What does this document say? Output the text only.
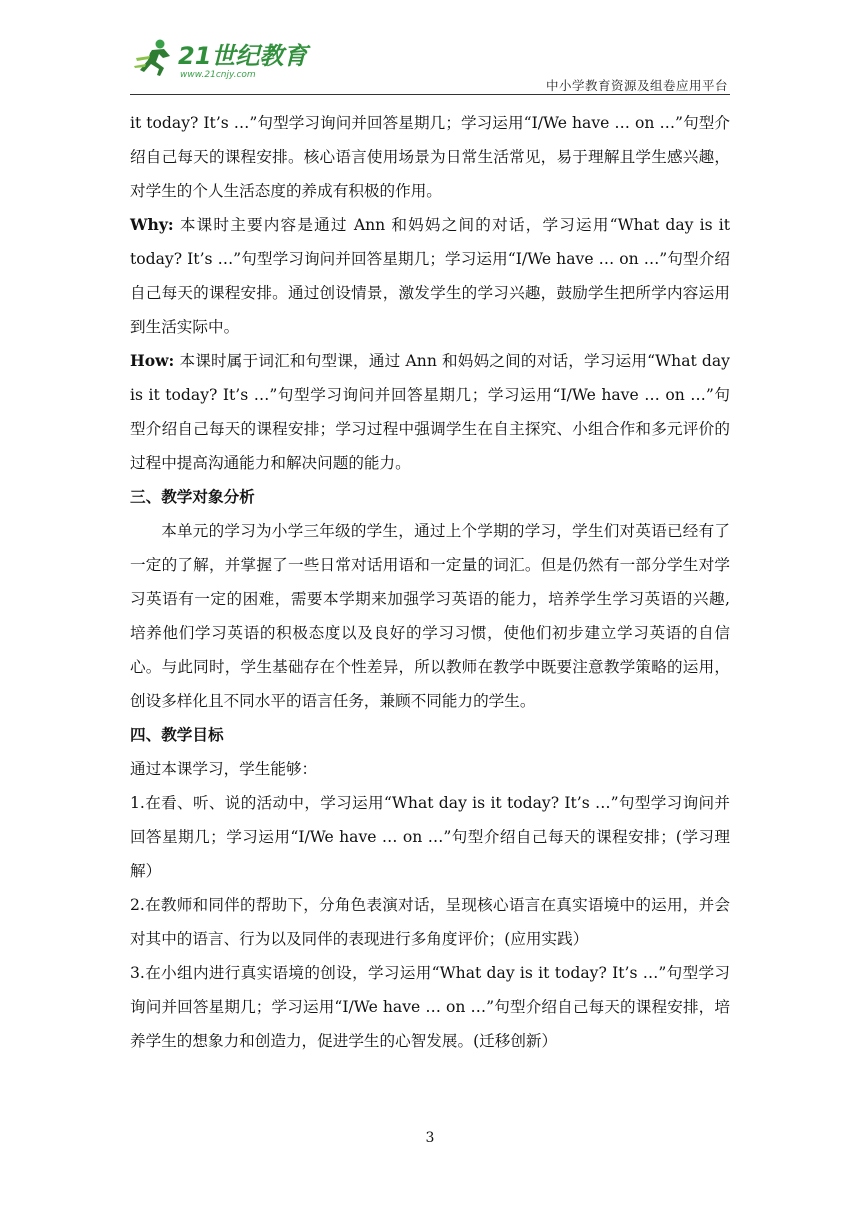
21世纪教育
www.21cnjy.com
中小学教育资源及组卷应用平台

it today? It’s …”句型学习询问并回答星期几；学习运用“I/We have … on …”句型介绍自己每天的课程安排。核心语言使用场景为日常生活常见，易于理解且学生感兴趣，对学生的个人生活态度的养成有积极的作用。

Why: 本课时主要内容是通过 Ann 和妈妈之间的对话，学习运用“What day is it today? It’s …”句型学习询问并回答星期几；学习运用“I/We have … on …”句型介绍自己每天的课程安排。通过创设情景，激发学生的学习兴趣，鼓励学生把所学内容运用到生活实际中。

How: 本课时属于词汇和句型课，通过 Ann 和妈妈之间的对话，学习运用“What day is it today? It’s …”句型学习询问并回答星期几；学习运用“I/We have … on …”句型介绍自己每天的课程安排；学习过程中强调学生在自主探究、小组合作和多元评价的过程中提高沟通能力和解决问题的能力。

三、教学对象分析

本单元的学习为小学三年级的学生，通过上个学期的学习，学生们对英语已经有了一定的了解，并掌握了一些日常对话用语和一定量的词汇。但是仍然有一部分学生对学习英语有一定的困难，需要本学期来加强学习英语的能力，培养学生学习英语的兴趣, 培养他们学习英语的积极态度以及良好的学习习惯，使他们初步建立学习英语的自信心。与此同时，学生基础存在个性差异，所以教师在教学中既要注意教学策略的运用，创设多样化且不同水平的语言任务，兼顾不同能力的学生。

四、教学目标

通过本课学习，学生能够：

1.在看、听、说的活动中，学习运用“What day is it today? It’s …”句型学习询问并回答星期几；学习运用“I/We have … on …”句型介绍自己每天的课程安排；(学习理解）

2.在教师和同伴的帮助下，分角色表演对话，呈现核心语言在真实语境中的运用，并会对其中的语言、行为以及同伴的表现进行多角度评价；(应用实践）

3.在小组内进行真实语境的创设，学习运用“What day is it today? It’s …”句型学习询问并回答星期几；学习运用“I/We have … on …”句型介绍自己每天的课程安排，培养学生的想象力和创造力，促进学生的心智发展。(迁移创新）

3
